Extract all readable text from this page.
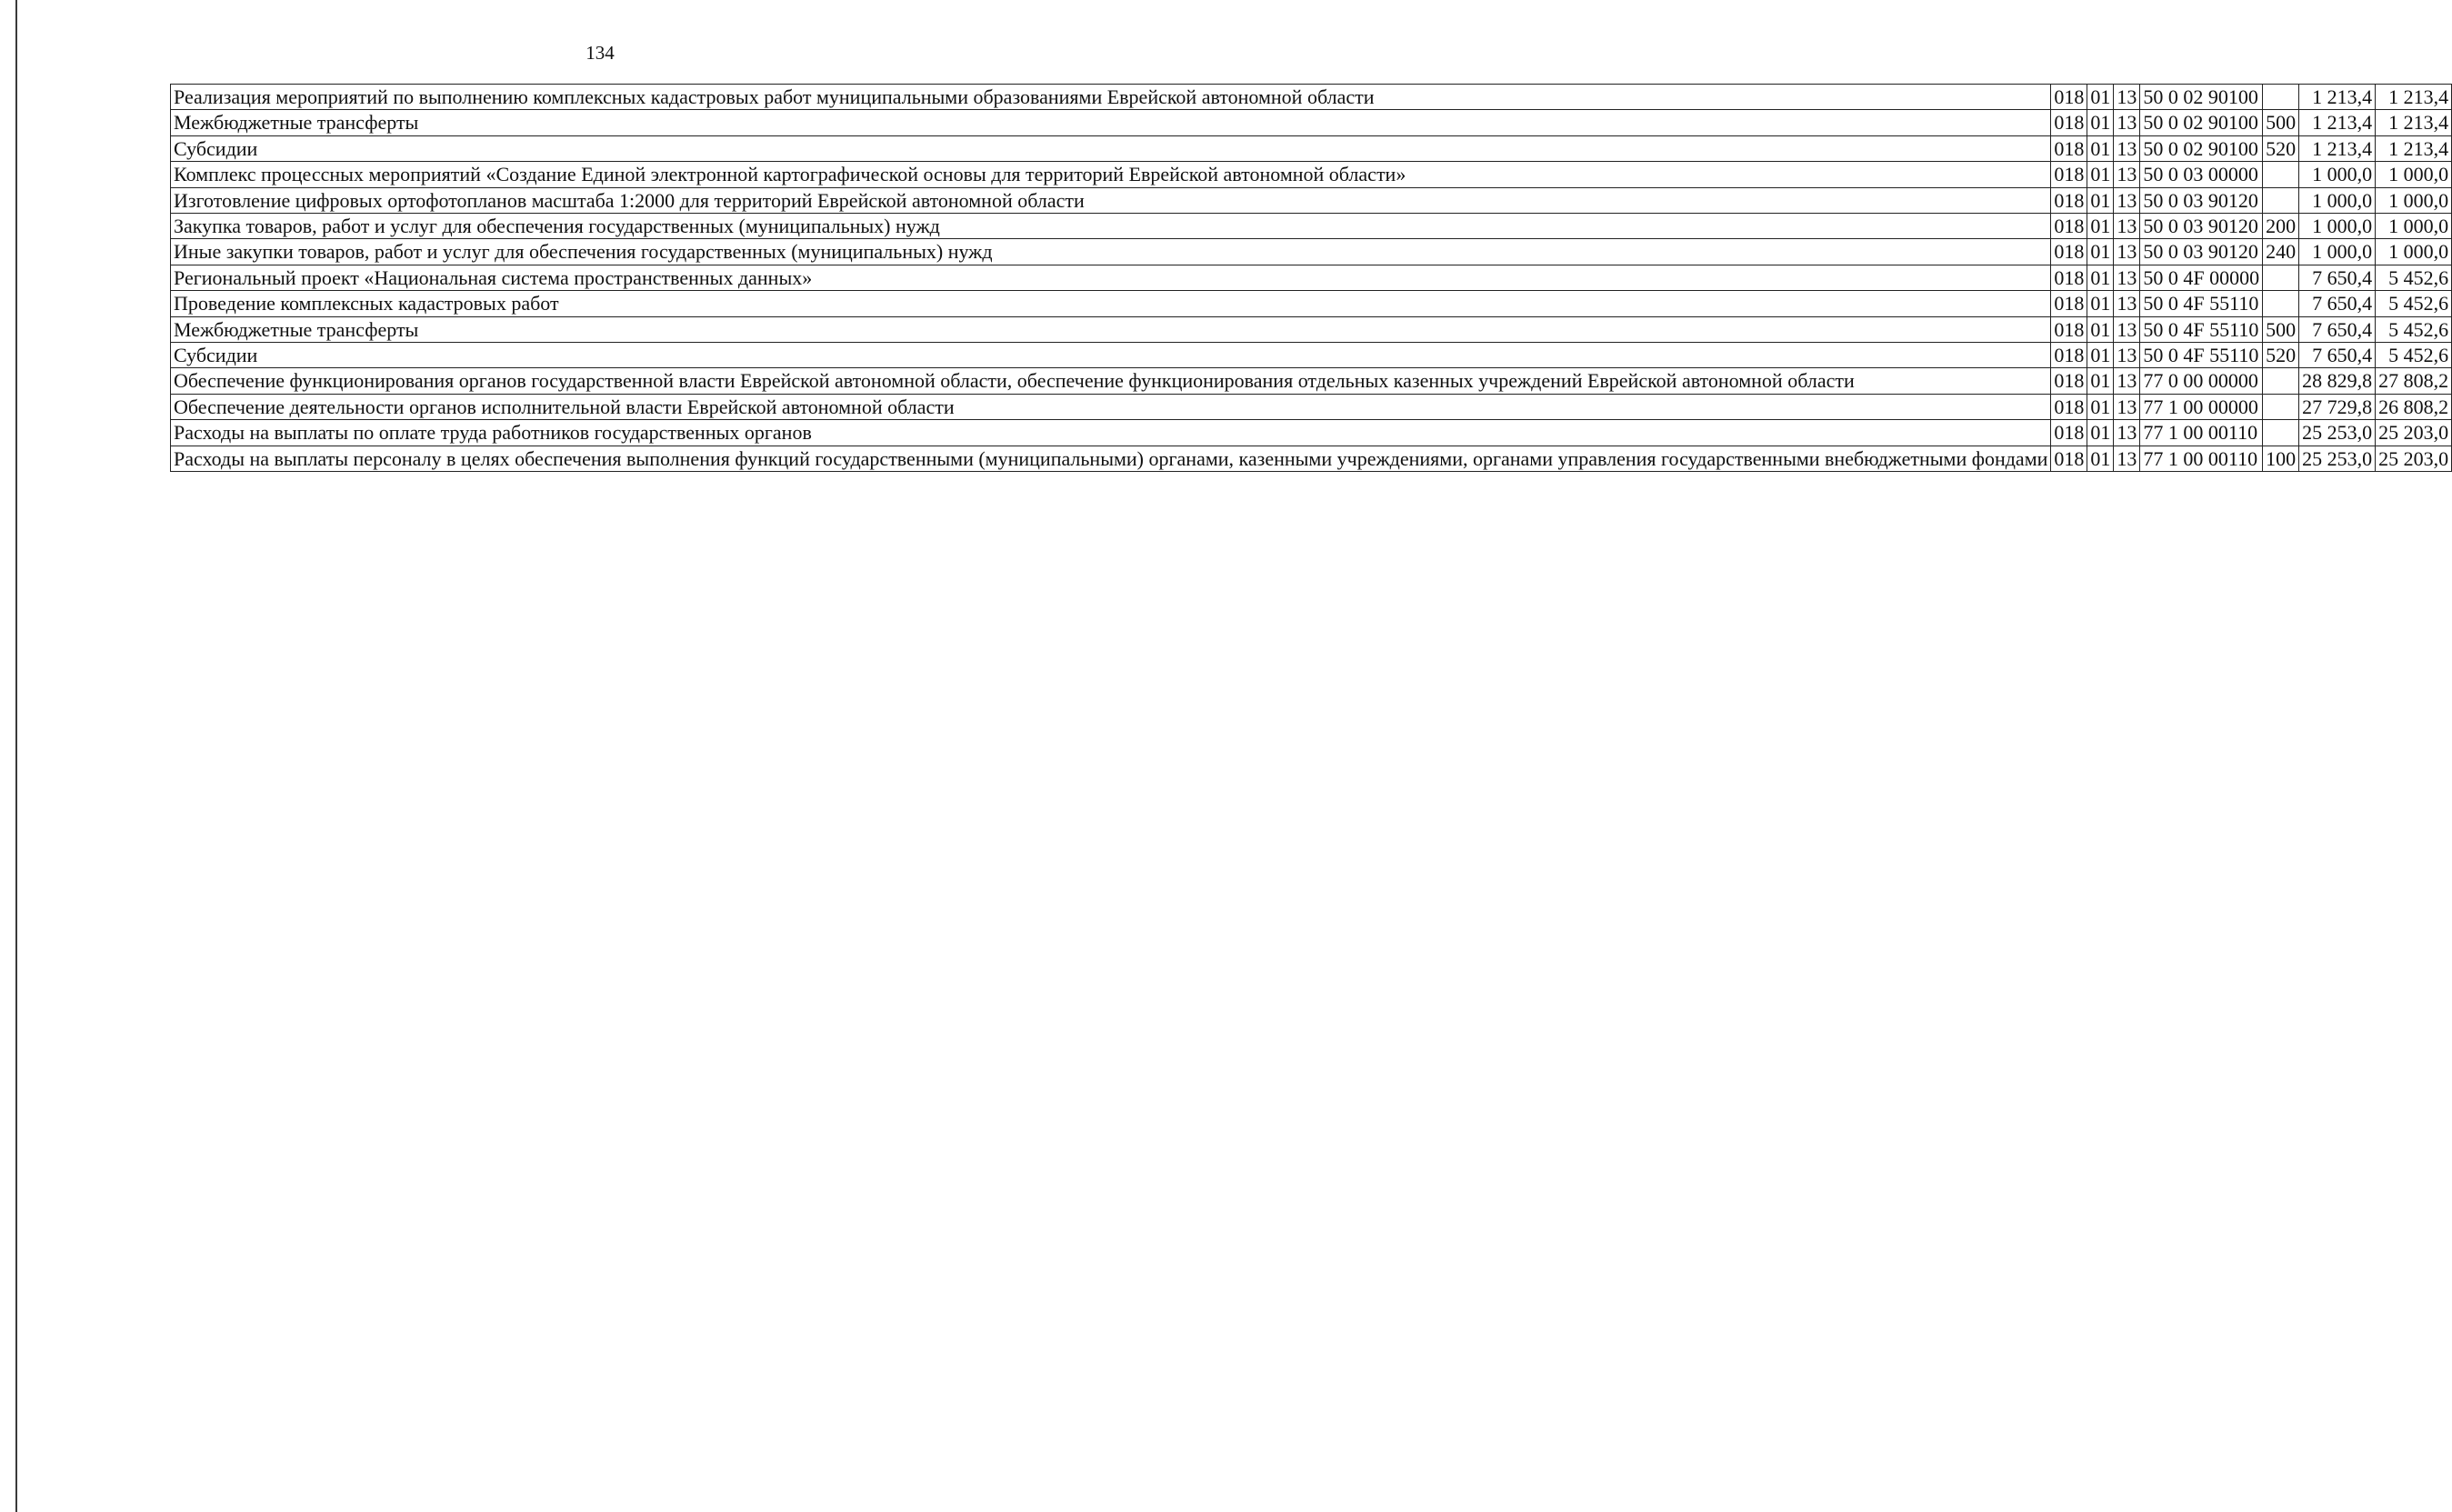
134
Реализация мероприятий по выполнению комплексных кадастровых работ муниципальными образованиями Еврейской автономной области	018	01	13	50 0 02 90100		1 213,4	1 213,4
Межбюджетные трансферты	018	01	13	50 0 02 90100	500	1 213,4	1 213,4
Субсидии	018	01	13	50 0 02 90100	520	1 213,4	1 213,4
Комплекс процессных мероприятий «Создание Единой электронной картографической основы для территорий Еврейской автономной области»	018	01	13	50 0 03 00000		1 000,0	1 000,0
Изготовление цифровых ортофотопланов масштаба 1:2000 для территорий Еврейской автономной области	018	01	13	50 0 03 90120		1 000,0	1 000,0
Закупка товаров, работ и услуг для обеспечения государственных (муниципальных) нужд	018	01	13	50 0 03 90120	200	1 000,0	1 000,0
Иные закупки товаров, работ и услуг для обеспечения государственных (муниципальных) нужд	018	01	13	50 0 03 90120	240	1 000,0	1 000,0
Региональный проект «Национальная система пространственных данных»	018	01	13	50 0 4F 00000		7 650,4	5 452,6
Проведение комплексных кадастровых работ	018	01	13	50 0 4F 55110		7 650,4	5 452,6
Межбюджетные трансферты	018	01	13	50 0 4F 55110	500	7 650,4	5 452,6
Субсидии	018	01	13	50 0 4F 55110	520	7 650,4	5 452,6
Обеспечение функционирования органов государственной власти Еврейской автономной области, обеспечение функционирования отдельных казенных учреждений Еврейской автономной области	018	01	13	77 0 00 00000		28 829,8	27 808,2
Обеспечение деятельности органов исполнительной власти Еврейской автономной области	018	01	13	77 1 00 00000		27 729,8	26 808,2
Расходы на выплаты по оплате труда работников государственных органов	018	01	13	77 1 00 00110		25 253,0	25 203,0
Расходы на выплаты персоналу в целях обеспечения выполнения функций государственными (муниципальными) органами, казенными учреждениями, органами управления государственными внебюджетными фондами	018	01	13	77 1 00 00110	100	25 253,0	25 203,0
